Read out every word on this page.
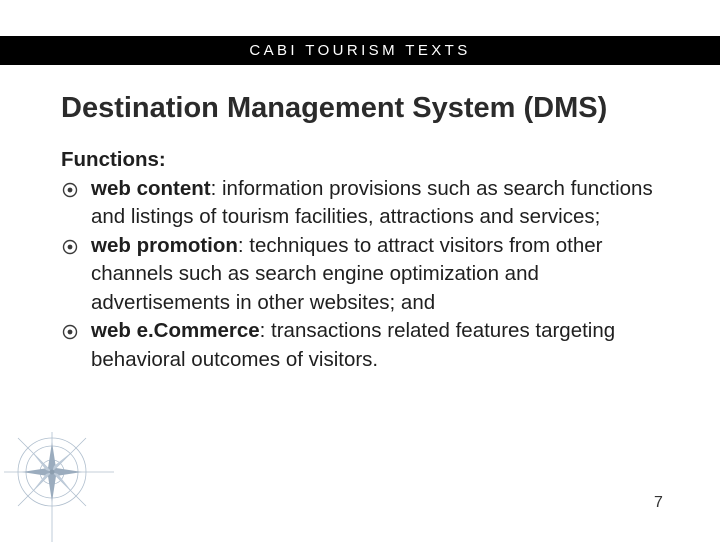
CABI TOURISM TEXTS
Destination Management System (DMS)
Functions:
web content: information provisions such as search functions and listings of tourism facilities, attractions and services;
web promotion: techniques to attract visitors from other channels such as search engine optimization and advertisements in other websites; and
web e.Commerce: transactions related features targeting behavioral outcomes of visitors.
7
